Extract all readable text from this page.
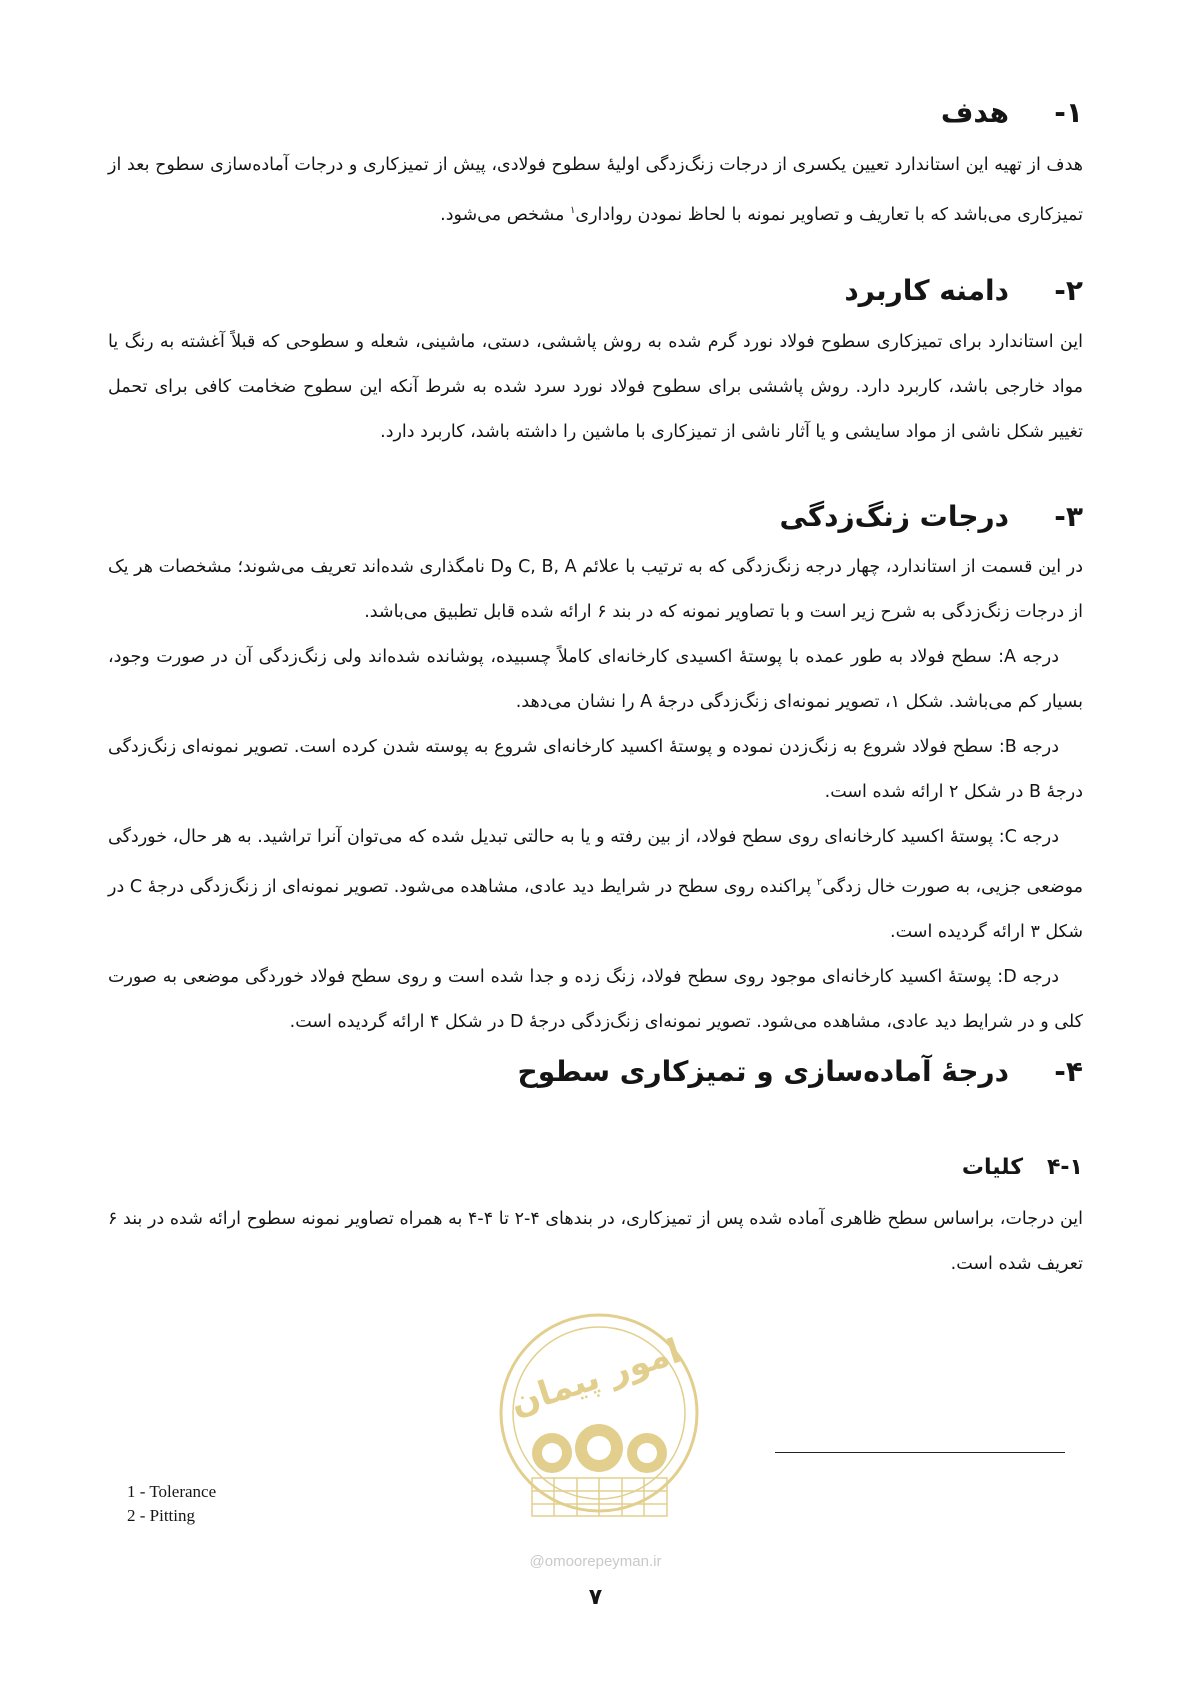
۱-هدف

هدف از تهیه این استاندارد تعیین یکسری از درجات زنگ‌زدگی اولیهٔ سطوح فولادی، پیش از تمیزکاری و درجات آماده‌سازی سطوح بعد از تمیزکاری می‌باشد که با تعاریف و تصاویر نمونه با لحاظ نمودن رواداری$^۱$ مشخص می‌شود.

۲-دامنه کاربرد

این استاندارد برای تمیزکاری سطوح فولاد نورد گرم شده به روش پاششی، دستی، ماشینی، شعله و سطوحی که قبلاً آغشته به رنگ یا مواد خارجی باشد، کاربرد دارد. روش پاششی برای سطوح فولاد نورد سرد شده به شرط آنکه این سطوح ضخامت کافی برای تحمل تغییر شکل ناشی از مواد سایشی و یا آثار ناشی از تمیزکاری با ماشین را داشته باشد، کاربرد دارد.

۳-درجات زنگ‌زدگی

در این قسمت از استاندارد، چهار درجه زنگ‌زدگی که به ترتیب با علائم C, B, A وD نامگذاری شده‌اند تعریف می‌شوند؛ مشخصات هر یک از درجات زنگ‌زدگی به شرح زیر است و با تصاویر نمونه که در بند ۶ ارائه شده قابل تطبیق می‌باشد.

درجه A: سطح فولاد به طور عمده با پوستهٔ اکسیدی کارخانه‌ای کاملاً چسبیده، پوشانده شده‌اند ولی زنگ‌زدگی آن در صورت وجود، بسیار کم می‌باشد. شکل ۱، تصویر نمونه‌ای زنگ‌زدگی درجهٔ A را نشان می‌دهد.

درجه B: سطح فولاد شروع به زنگ‌زدن نموده و پوستهٔ اکسید کارخانه‌ای شروع به پوسته شدن کرده است. تصویر نمونه‌ای زنگ‌زدگی درجهٔ B در شکل ۲ ارائه شده است.

درجه C: پوستهٔ اکسید کارخانه‌ای روی سطح فولاد، از بین رفته و یا به حالتی تبدیل شده که می‌توان آنرا تراشید. به هر حال، خوردگی موضعی جزیی، به صورت خال زدگی$^۲$ پراکنده روی سطح در شرایط دید عادی، مشاهده می‌شود. تصویر نمونه‌ای از زنگ‌زدگی درجهٔ C در شکل ۳ ارائه گردیده است.

درجه D: پوستهٔ اکسید کارخانه‌ای موجود روی سطح فولاد، زنگ زده و جدا شده است و روی سطح فولاد خوردگی موضعی به صورت کلی و در شرایط دید عادی، مشاهده می‌شود. تصویر نمونه‌ای زنگ‌زدگی درجهٔ D در شکل ۴ ارائه گردیده است.

۴-درجهٔ آماده‌سازی و تمیزکاری سطوح
۴-۱کلیات

این درجات، براساس سطح ظاهری آماده شده پس از تمیزکاری، در بندهای ۴-۲ تا ۴-۴ به همراه تصاویر نمونه سطوح ارائه شده در بند ۶ تعریف شده است.

امور پیمان
@omoorepeyman.ir
1 - Tolerance
2 - Pitting
۷
